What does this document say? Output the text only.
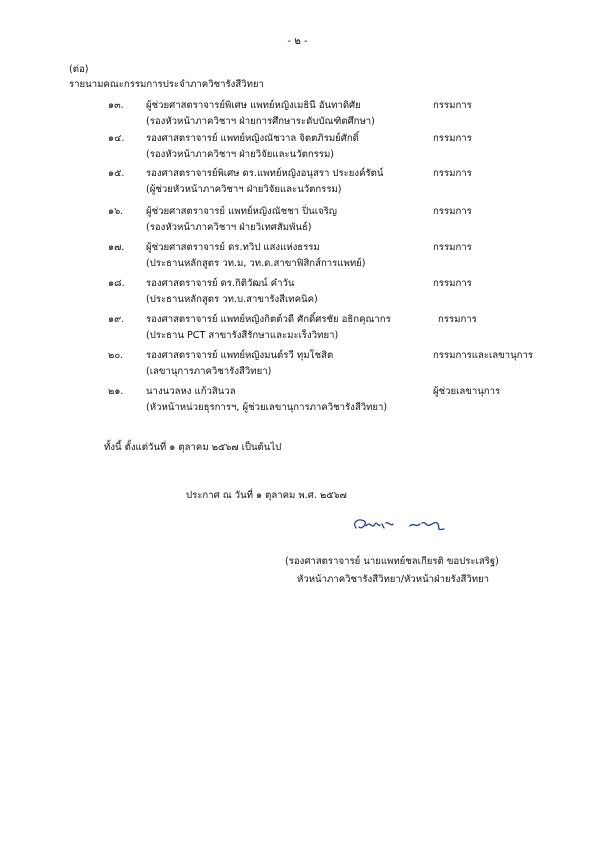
- ๒ -
(ต่อ)
รายนามคณะกรรมการประจำภาควิชารังสีวิทยา
๑๓. ผู้ช่วยศาสตราจารย์พิเศษ แพทย์หญิงเมธินี อันทาดิศัย
(รองหัวหน้าภาควิชาฯ ฝ่ายการศึกษาระดับบัณฑิตศึกษา)
กรรมการ
๑๔. รองศาสตราจารย์ แพทย์หญิงณัชวาล จิตตภิรมย์ศักดิ์
(รองหัวหน้าภาควิชาฯ ฝ่ายวิจัยและนวัตกรรม)
กรรมการ
๑๕. รองศาสตราจารย์พิเศษ ดร.แพทย์หญิงอนุสรา ประยงค์รัตน์
(ผู้ช่วยหัวหน้าภาควิชาฯ ฝ่ายวิจัยและนวัตกรรม)
กรรมการ
๑๖. ผู้ช่วยศาสตราจารย์ แพทย์หญิงณัชชา ปิ่นเจริญ
(รองหัวหน้าภาควิชาฯ ฝ่ายวิเทศสัมพันธ์)
กรรมการ
๑๗. ผู้ช่วยศาสตราจารย์ ดร.ทวิป แสงแห่งธรรม
(ประธานหลักสูตร วท.ม, วท.ด.สาขาฟิสิกส์การแพทย์)
กรรมการ
๑๘. รองศาสตราจารย์ ดร.กิติวัฒน์ คำวัน
(ประธานหลักสูตร วท.บ.สาขารังสีเทคนิค)
กรรมการ
๑๙. รองศาสตราจารย์ แพทย์หญิงกิตต์วดี ศักดิ์ศรชัย อธิกคุณากร
(ประธาน PCT สาขารังสีรักษาและมะเร็งวิทยา)
กรรมการ
๒๐. รองศาสตราจารย์ แพทย์หญิงมนต์รวี ทุมโชสิต
(เลขานุการภาควิชารังสีวิทยา)
กรรมการและเลขานุการ
๒๑. นางนวลหง แก้วสินวล
(หัวหน้าหน่วยธุรการฯ, ผู้ช่วยเลขานุการภาควิชารังสีวิทยา)
ผู้ช่วยเลขานุการ
ทั้งนี้ ตั้งแต่วันที่ ๑ ตุลาคม ๒๕๖๗ เป็นต้นไป
ประกาศ ณ วันที่ ๑ ตุลาคม พ.ศ. ๒๕๖๗
(รองศาสตราจารย์ นายแพทย์ชลเกียรติ ขอประเสริฐ)
หัวหน้าภาควิชารังสีวิทยา/หัวหน้าฝ่ายรังสีวิทยา
